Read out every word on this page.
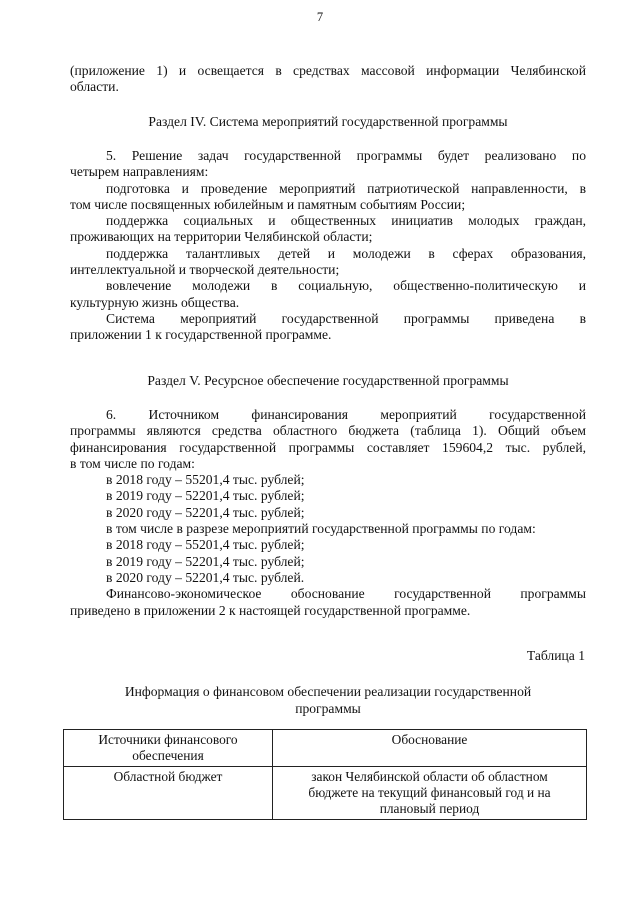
7
(приложение 1) и освещается в средствах массовой информации Челябинской
области.
Раздел IV. Система мероприятий государственной программы
5. Решение задач государственной программы будет реализовано по
четырем направлениям:
подготовка и проведение мероприятий патриотической направленности, в
том числе посвященных юбилейным и памятным событиям России;
поддержка социальных и общественных инициатив молодых граждан,
проживающих на территории Челябинской области;
поддержка талантливых детей и молодежи в сферах образования,
интеллектуальной и творческой деятельности;
вовлечение молодежи в социальную, общественно-политическую и
культурную жизнь общества.
Система мероприятий государственной программы приведена в
приложении 1 к государственной программе.
Раздел V. Ресурсное обеспечение государственной программы
6. Источником финансирования мероприятий государственной
программы являются средства областного бюджета (таблица 1). Общий объем
финансирования государственной программы составляет 159604,2 тыс. рублей,
в том числе по годам:
в 2018 году – 55201,4 тыс. рублей;
в 2019 году – 52201,4 тыс. рублей;
в 2020 году – 52201,4 тыс. рублей;
в том числе в разрезе мероприятий государственной программы по годам:
в 2018 году – 55201,4 тыс. рублей;
в 2019 году – 52201,4 тыс. рублей;
в 2020 году – 52201,4 тыс. рублей.
Финансово-экономическое обоснование государственной программы
приведено в приложении 2 к настоящей государственной программе.
Таблица 1
Информация о финансовом обеспечении реализации государственной
программы
Источники финансового
обеспечения	Обоснование

Областной бюджет	закон Челябинской области об областном
бюджете на текущий финансовый год и на
плановый период
